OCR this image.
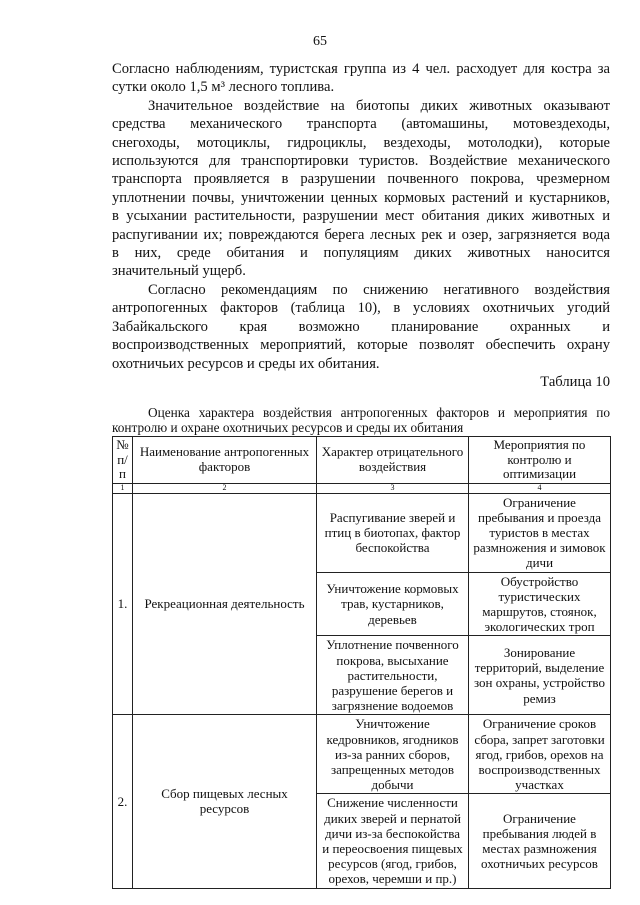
65

Согласно наблюдениям, туристская группа из 4 чел. расходует для костра за
сутки около 1,5 м³ лесного топлива.

Значительное воздействие на биотопы диких животных оказывают
средства механического транспорта (автомашины, мотовездеходы,
снегоходы, мотоциклы, гидроциклы, вездеходы, мотолодки), которые
используются для транспортировки туристов. Воздействие механического
транспорта проявляется в разрушении почвенного покрова, чрезмерном
уплотнении почвы, уничтожении ценных кормовых растений и кустарников,
в усыхании растительности, разрушении мест обитания диких животных и
распугивании их; повреждаются берега лесных рек и озер, загрязняется вода
в них, среде обитания и популяциям диких животных наносится
значительный ущерб.

Согласно рекомендациям по снижению негативного воздействия
антропогенных факторов (таблица 10), в условиях охотничьих угодий
Забайкальского края возможно планирование охранных и
воспроизводственных мероприятий, которые позволят обеспечить охрану
охотничьих ресурсов и среды их обитания.

Таблица 10
Оценка характера воздействия антропогенных факторов и мероприятия по
контролю и охране охотничьих ресурсов и среды их обитания
№ п/п	Наименование антропогенных факторов	Характер отрицательного воздействия	Мероприятия по контролю и оптимизации
1	2	3	4
1.	Рекреационная деятельность	Распугивание зверей и птиц в биотопах, фактор беспокойства	Ограничение пребывания и проезда туристов в местах размножения и зимовок дичи
		Уничтожение кормовых трав, кустарников, деревьев	Обустройство туристических маршрутов, стоянок, экологических троп
		Уплотнение почвенного покрова, высыхание растительности, разрушение берегов и загрязнение водоемов	Зонирование территорий, выделение зон охраны, устройство ремиз
2.	Сбор пищевых лесных ресурсов	Уничтожение кедровников, ягодников из-за ранних сборов, запрещенных методов добычи	Ограничение сроков сбора, запрет заготовки ягод, грибов, орехов на воспроизводственных участках
		Снижение численности диких зверей и пернатой дичи из-за беспокойства и переосвоения пищевых ресурсов (ягод, грибов, орехов, черемши и пр.)	Ограничение пребывания людей в местах размножения охотничьих ресурсов
